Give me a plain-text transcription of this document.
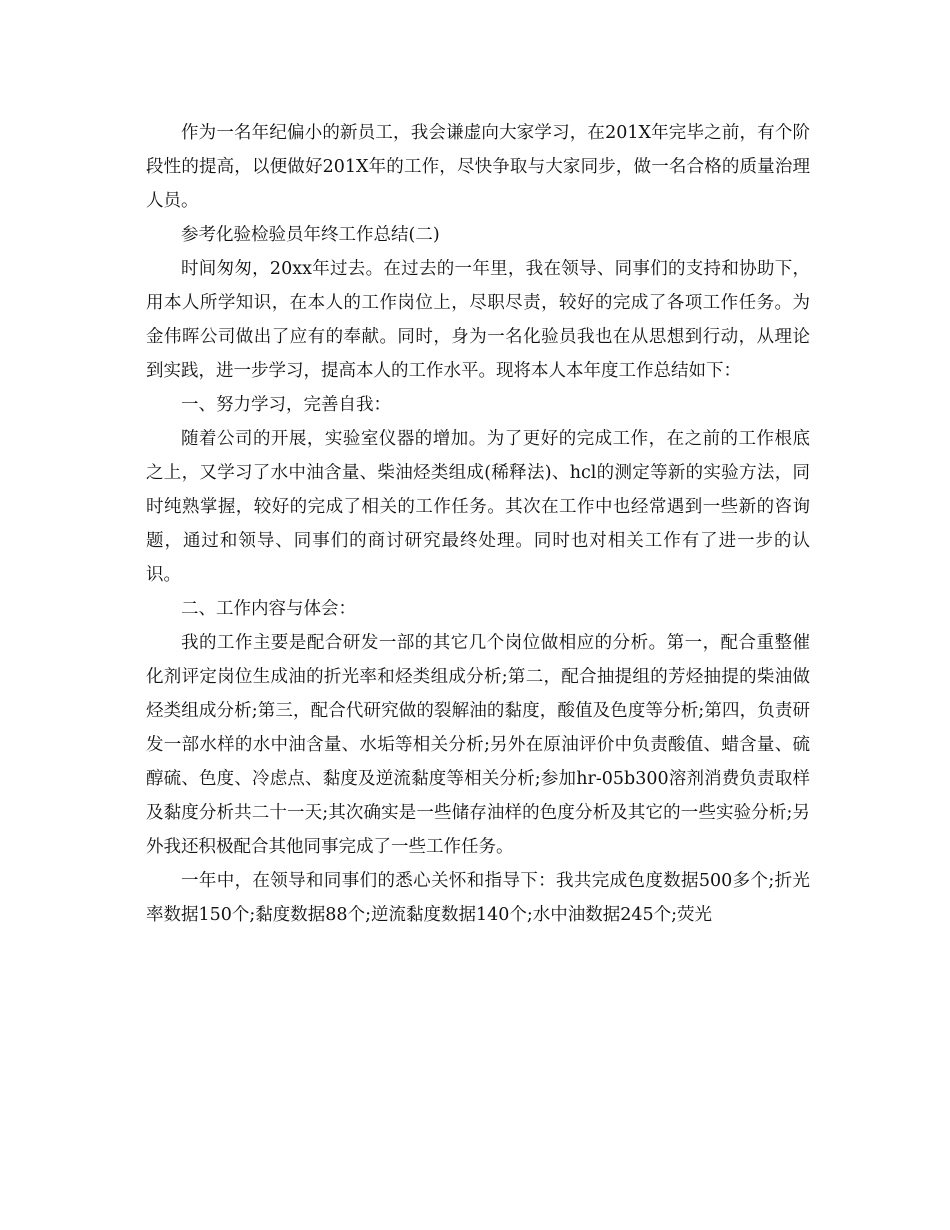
作为一名年纪偏小的新员工，我会谦虚向大家学习，在201X年完毕之前，有个阶段性的提高，以便做好201X年的工作，尽快争取与大家同步，做一名合格的质量治理人员。

参考化验检验员年终工作总结(二)

时间匆匆，20xx年过去。在过去的一年里，我在领导、同事们的支持和协助下，用本人所学知识，在本人的工作岗位上，尽职尽责，较好的完成了各项工作任务。为金伟晖公司做出了应有的奉献。同时，身为一名化验员我也在从思想到行动，从理论到实践，进一步学习，提高本人的工作水平。现将本人本年度工作总结如下：

一、努力学习，完善自我：

随着公司的开展，实验室仪器的增加。为了更好的完成工作，在之前的工作根底之上，又学习了水中油含量、柴油烃类组成(稀释法)、hcl的测定等新的实验方法，同时纯熟掌握，较好的完成了相关的工作任务。其次在工作中也经常遇到一些新的咨询题，通过和领导、同事们的商讨研究最终处理。同时也对相关工作有了进一步的认识。

二、工作内容与体会：

我的工作主要是配合研发一部的其它几个岗位做相应的分析。第一，配合重整催化剂评定岗位生成油的折光率和烃类组成分析;第二，配合抽提组的芳烃抽提的柴油做烃类组成分析;第三，配合代研究做的裂解油的黏度，酸值及色度等分析;第四，负责研发一部水样的水中油含量、水垢等相关分析;另外在原油评价中负责酸值、蜡含量、硫醇硫、色度、冷虑点、黏度及逆流黏度等相关分析;参加hr-05b300溶剂消费负责取样及黏度分析共二十一天;其次确实是一些储存油样的色度分析及其它的一些实验分析;另外我还积极配合其他同事完成了一些工作任务。

一年中，在领导和同事们的悉心关怀和指导下：我共完成色度数据500多个;折光率数据150个;黏度数据88个;逆流黏度数据140个;水中油数据245个;荧光
